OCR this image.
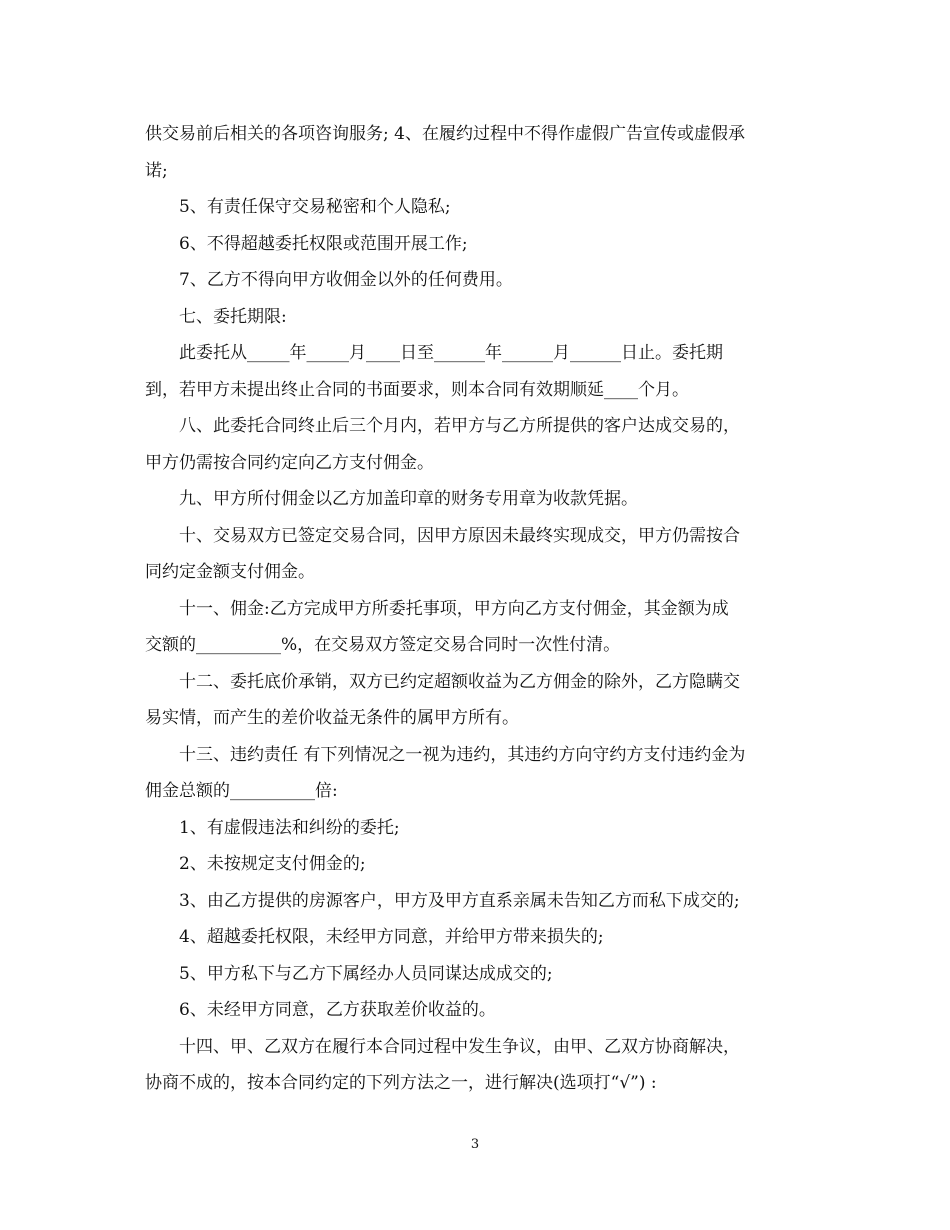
供交易前后相关的各项咨询服务; 4、在履约过程中不得作虚假广告宣传或虚假承
诺;
5、有责任保守交易秘密和个人隐私;
6、不得超越委托权限或范围开展工作;
7、乙方不得向甲方收佣金以外的任何费用。
七、委托期限:
此委托从_____年_____月____日至______年______月______日止。委托期
到，若甲方未提出终止合同的书面要求，则本合同有效期顺延____个月。
八、此委托合同终止后三个月内，若甲方与乙方所提供的客户达成交易的，
甲方仍需按合同约定向乙方支付佣金。
九、甲方所付佣金以乙方加盖印章的财务专用章为收款凭据。
十、交易双方已签定交易合同，因甲方原因未最终实现成交，甲方仍需按合
同约定金额支付佣金。
十一、佣金:乙方完成甲方所委托事项，甲方向乙方支付佣金，其金额为成
交额的__________%，在交易双方签定交易合同时一次性付清。
十二、委托底价承销，双方已约定超额收益为乙方佣金的除外，乙方隐瞒交
易实情，而产生的差价收益无条件的属甲方所有。
十三、违约责任 有下列情况之一视为违约，其违约方向守约方支付违约金为
佣金总额的__________倍:
1、有虚假违法和纠纷的委托;
2、未按规定支付佣金的;
3、由乙方提供的房源客户，甲方及甲方直系亲属未告知乙方而私下成交的;
4、超越委托权限，未经甲方同意，并给甲方带来损失的;
5、甲方私下与乙方下属经办人员同谋达成成交的;
6、未经甲方同意，乙方获取差价收益的。
十四、甲、乙双方在履行本合同过程中发生争议，由甲、乙双方协商解决，
协商不成的，按本合同约定的下列方法之一，进行解决(选项打“√”) :
3
